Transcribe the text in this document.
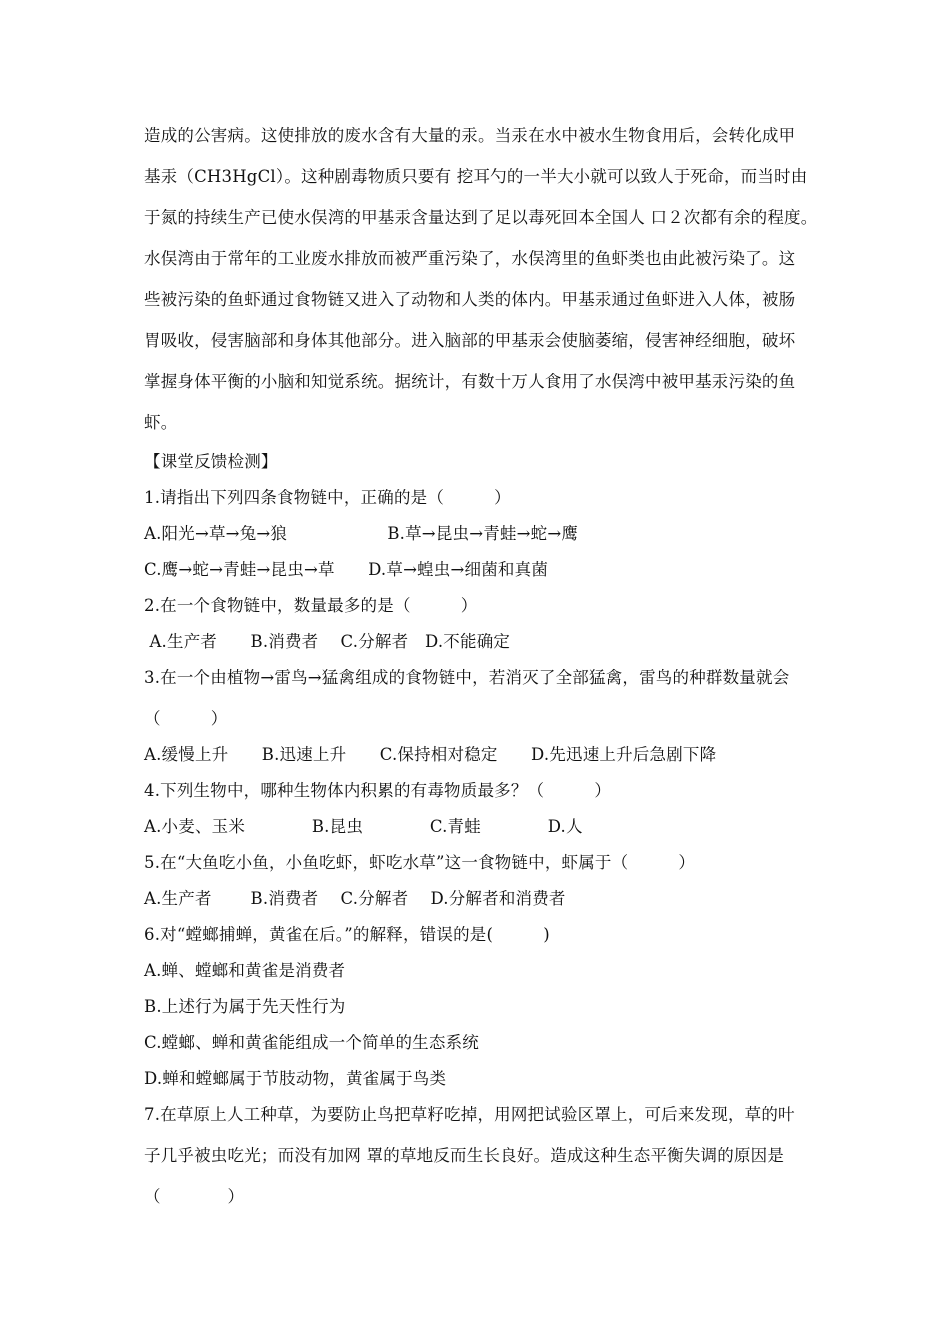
造成的公害病。这使排放的废水含有大量的汞。当汞在水中被水生物食用后，会转化成甲
基汞（CH3HgCl）。这种剧毒物质只要有 挖耳勺的一半大小就可以致人于死命，而当时由
于氮的持续生产已使水俣湾的甲基汞含量达到了足以毒死回本全国人 口２次都有余的程度。
水俣湾由于常年的工业废水排放而被严重污染了，水俣湾里的鱼虾类也由此被污染了。这
些被污染的鱼虾通过食物链又进入了动物和人类的体内。甲基汞通过鱼虾进入人体，被肠
胃吸收，侵害脑部和身体其他部分。进入脑部的甲基汞会使脑萎缩，侵害神经细胞，破坏
掌握身体平衡的小脑和知觉系统。据统计，有数十万人食用了水俣湾中被甲基汞污染的鱼
虾。
【课堂反馈检测】
1.请指出下列四条食物链中，正确的是（　　　）
A.阳光→草→兔→狼　　　　　　B.草→昆虫→青蛙→蛇→鹰
C.鹰→蛇→青蛙→昆虫→草　　D.草→蝗虫→细菌和真菌
2.在一个食物链中，数量最多的是（　　　）
A.生产者　　B.消费者　 C.分解者　D.不能确定
3.在一个由植物→雷鸟→猛禽组成的食物链中，若消灭了全部猛禽，雷鸟的种群数量就会
（　　　）
A.缓慢上升　　B.迅速上升　　C.保持相对稳定　　D.先迅速上升后急剧下降
4.下列生物中，哪种生物体内积累的有毒物质最多？（　　　）
A.小麦、玉米　　　　B.昆虫　　　　C.青蛙　　　　D.人
5.在“大鱼吃小鱼，小鱼吃虾，虾吃水草”这一食物链中，虾属于（　　　）
A.生产者　　 B.消费者　 C.分解者　 D.分解者和消费者
6.对“螳螂捕蝉，黄雀在后。”的解释，错误的是(　　　)
A.蝉、螳螂和黄雀是消费者
B.上述行为属于先天性行为
C.螳螂、蝉和黄雀能组成一个简单的生态系统
D.蝉和螳螂属于节肢动物，黄雀属于鸟类
7.在草原上人工种草，为要防止鸟把草籽吃掉，用网把试验区罩上，可后来发现，草的叶
子几乎被虫吃光；而没有加网 罩的草地反而生长良好。造成这种生态平衡失调的原因是
（　　　　）
